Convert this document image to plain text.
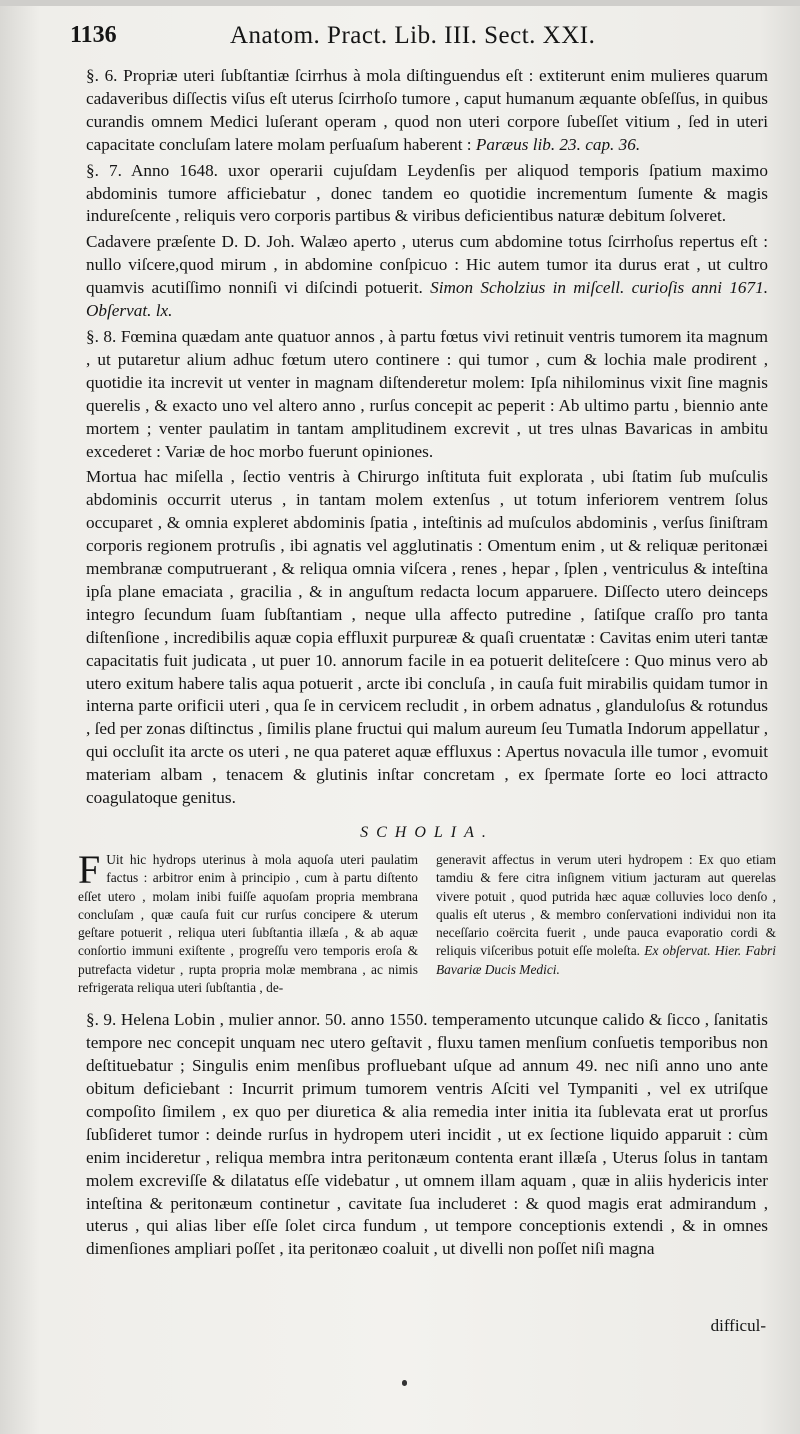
1136	Anatom. Pract. Lib. III. Sect. XXI.

§. 6. Propriæ uteri ſubſtantiæ ſcirrhus à mola diſtinguendus eſt : extiterunt enim mulieres quarum cadaveribus diſſectis viſus eſt uterus ſcirrhoſo tumore , caput humanum æquante obſeſſus, in quibus curandis omnem Medici luſerant operam , quod non uteri corpore ſubeſſet vitium , ſed in uteri capacitate concluſam latere molam perſuaſum haberent : Paræus lib. 23. cap. 36.

§. 7. Anno 1648. uxor operarii cujuſdam Leydenſis per aliquod temporis ſpatium maximo abdominis tumore afficiebatur , donec tandem eo quotidie incrementum ſumente & magis indureſcente , reliquis vero corporis partibus & viribus deficientibus naturæ debitum ſolveret.

Cadavere præſente D. D. Joh. Walæo aperto , uterus cum abdomine totus ſcirrhoſus repertus eſt : nullo viſcere,quod mirum , in abdomine conſpicuo : Hic autem tumor ita durus erat , ut cultro quamvis acutiſſimo nonniſi vi diſcindi potuerit. Simon Scholzius in miſcell. curioſis anni 1671. Obſervat. lx.

§. 8. Fœmina quædam ante quatuor annos , à partu fœtus vivi retinuit ventris tumorem ita magnum , ut putaretur alium adhuc fœtum utero continere : qui tumor , cum & lochia male prodirent , quotidie ita increvit ut venter in magnam diſtenderetur molem: Ipſa nihilominus vixit ſine magnis querelis , & exacto uno vel altero anno , rurſus concepit ac peperit : Ab ultimo partu , biennio ante mortem ; venter paulatim in tantam amplitudinem excrevit , ut tres ulnas Bavaricas in ambitu excederet : Variæ de hoc morbo fuerunt opiniones.

Mortua hac miſella , ſectio ventris à Chirurgo inſtituta fuit explorata , ubi ſtatim ſub muſculis abdominis occurrit uterus , in tantam molem extenſus , ut totum inferiorem ventrem ſolus occuparet , & omnia expleret abdominis ſpatia , inteſtinis ad muſculos abdominis , verſus ſiniſtram corporis regionem protruſis , ibi agnatis vel agglutinatis : Omentum enim , ut & reliquæ peritonæi membranæ computruerant , & reliqua omnia viſcera , renes , hepar , ſplen , ventriculus & inteſtina ipſa plane emaciata , gracilia , & in anguſtum redacta locum apparuere. Diſſecto utero deinceps integro ſecundum ſuam ſubſtantiam , neque ulla affecto putredine , ſatiſque craſſo pro tanta diſtenſione , incredibilis aquæ copia effluxit purpureæ & quaſi cruentatæ : Cavitas enim uteri tantæ capacitatis fuit judicata , ut puer 10. annorum facile in ea potuerit deliteſcere : Quo minus vero ab utero exitum habere talis aqua potuerit , arcte ibi concluſa , in cauſa fuit mirabilis quidam tumor in interna parte orificii uteri , qua ſe in cervicem recludit , in orbem adnatus , glanduloſus & rotundus , ſed per zonas diſtinctus , ſimilis plane fructui qui malum aureum ſeu Tumatla Indorum appellatur , qui occluſit ita arcte os uteri , ne qua pateret aquæ effluxus : Apertus novacula ille tumor , evomuit materiam albam , tenacem & glutinis inſtar concretam , ex ſpermate ſorte eo loci attracto coagulatoque genitus.

SCHOLIA.
F Uit hic hydrops uterinus à mola aquoſa uteri paulatim factus : arbitror enim à principio , cum à partu diſtento eſſet utero , molam inibi fuiſſe aquoſam propria membrana concluſam , quæ cauſa fuit cur rurſus concipere & uterum geſtare potuerit , reliqua uteri ſubſtantia illæſa , & ab aquæ conſortio immuni exiſtente , progreſſu vero temporis eroſa & putrefacta videtur , rupta propria molæ membrana , ac nimis refrigerata reliqua uteri ſubſtantia , de-
generavit affectus in verum uteri hydropem : Ex quo etiam tamdiu & fere citra inſignem vitium jacturam aut querelas vivere potuit , quod putrida hæc aquæ colluvies loco denſo , qualis eſt uterus , & membro conſervationi individui non ita neceſſario coërcita fuerit , unde pauca evaporatio cordi & reliquis viſceribus potuit eſſe moleſta. Ex obſervat. Hier. Fabri Bavariæ Ducis Medici.

§. 9. Helena Lobin , mulier annor. 50. anno 1550. temperamento utcunque calido & ſicco , ſanitatis tempore nec concepit unquam nec utero geſtavit , fluxu tamen menſium conſuetis temporibus non deſtituebatur ; Singulis enim menſibus profluebant uſque ad annum 49. nec niſi anno uno ante obitum deficiebant : Incurrit primum tumorem ventris Aſciti vel Tympaniti , vel ex utriſque compoſito ſimilem , ex quo per diuretica & alia remedia inter initia ita ſublevata erat ut prorſus ſubſideret tumor : deinde rurſus in hydropem uteri incidit , ut ex ſectione liquido apparuit : cùm enim incideretur , reliqua membra intra peritonæum contenta erant illæſa , Uterus ſolus in tantam molem excreviſſe & dilatatus eſſe videbatur , ut omnem illam aquam , quæ in aliis hydericis inter inteſtina & peritonæum continetur , cavitate ſua includeret : & quod magis erat admirandum , uterus , qui alias liber eſſe ſolet circa fundum , ut tempore conceptionis extendi , & in omnes dimenſiones ampliari poſſet , ita peritonæo coaluit , ut divelli non poſſet niſi magna

difficul-
